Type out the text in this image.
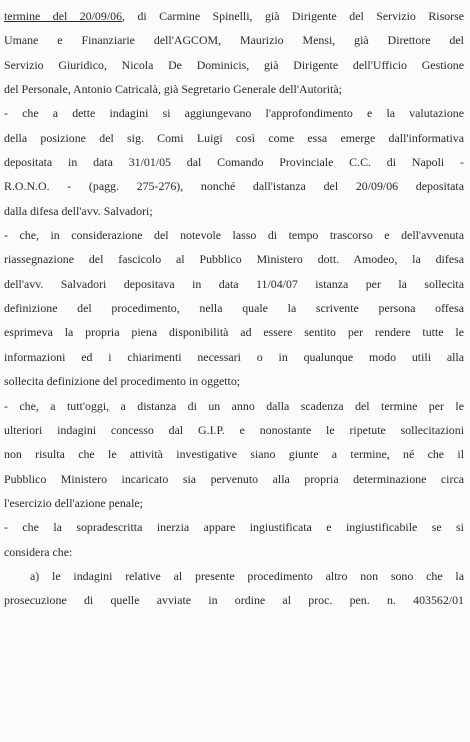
termine del 20/09/06, di Carmine Spinelli, già Dirigente del Servizio Risorse
Umane e Finanziarie dell'AGCOM, Maurizio Mensi, già Direttore del
Servizio Giuridico, Nicola De Dominicis, già Dirigente dell'Ufficio Gestione
del Personale, Antonio Catricalà, già Segretario Generale dell'Autorità;
- che a dette indagini si aggiungevano l'approfondimento e la valutazione
della posizione del sig. Comi Luigi così come essa emerge dall'informativa
depositata in data 31/01/05 dal Comando Provinciale C.C. di Napoli -
R.O.N.O. - (pagg. 275-276), nonché dall'istanza del 20/09/06 depositata
dalla difesa dell'avv. Salvadori;
- che, in considerazione del notevole lasso di tempo trascorso e dell'avvenuta
riassegnazione del fascicolo al Pubblico Ministero dott. Amodeo, la difesa
dell'avv. Salvadori depositava in data 11/04/07 istanza per la sollecita
definizione del procedimento, nella quale la scrivente persona offesa
esprimeva la propria piena disponibilità ad essere sentito per rendere tutte le
informazioni ed i chiarimenti necessari o in qualunque modo utili alla
sollecita definizione del procedimento in oggetto;
- che, a tutt'oggi, a distanza di un anno dalla scadenza del termine per le
ulteriori indagini concesso dal G.I.P. e nonostante le ripetute sollecitazioni
non risulta che le attività investigative siano giunte a termine, né che il
Pubblico Ministero incaricato sia pervenuto alla propria determinazione circa
l'esercizio dell'azione penale;
- che la sopradescritta inerzia appare ingiustificata e ingiustificabile se si
considera che:
a) le indagini relative al presente procedimento altro non sono che la
prosecuzione di quelle avviate in ordine al proc. pen. n. 403562/01
